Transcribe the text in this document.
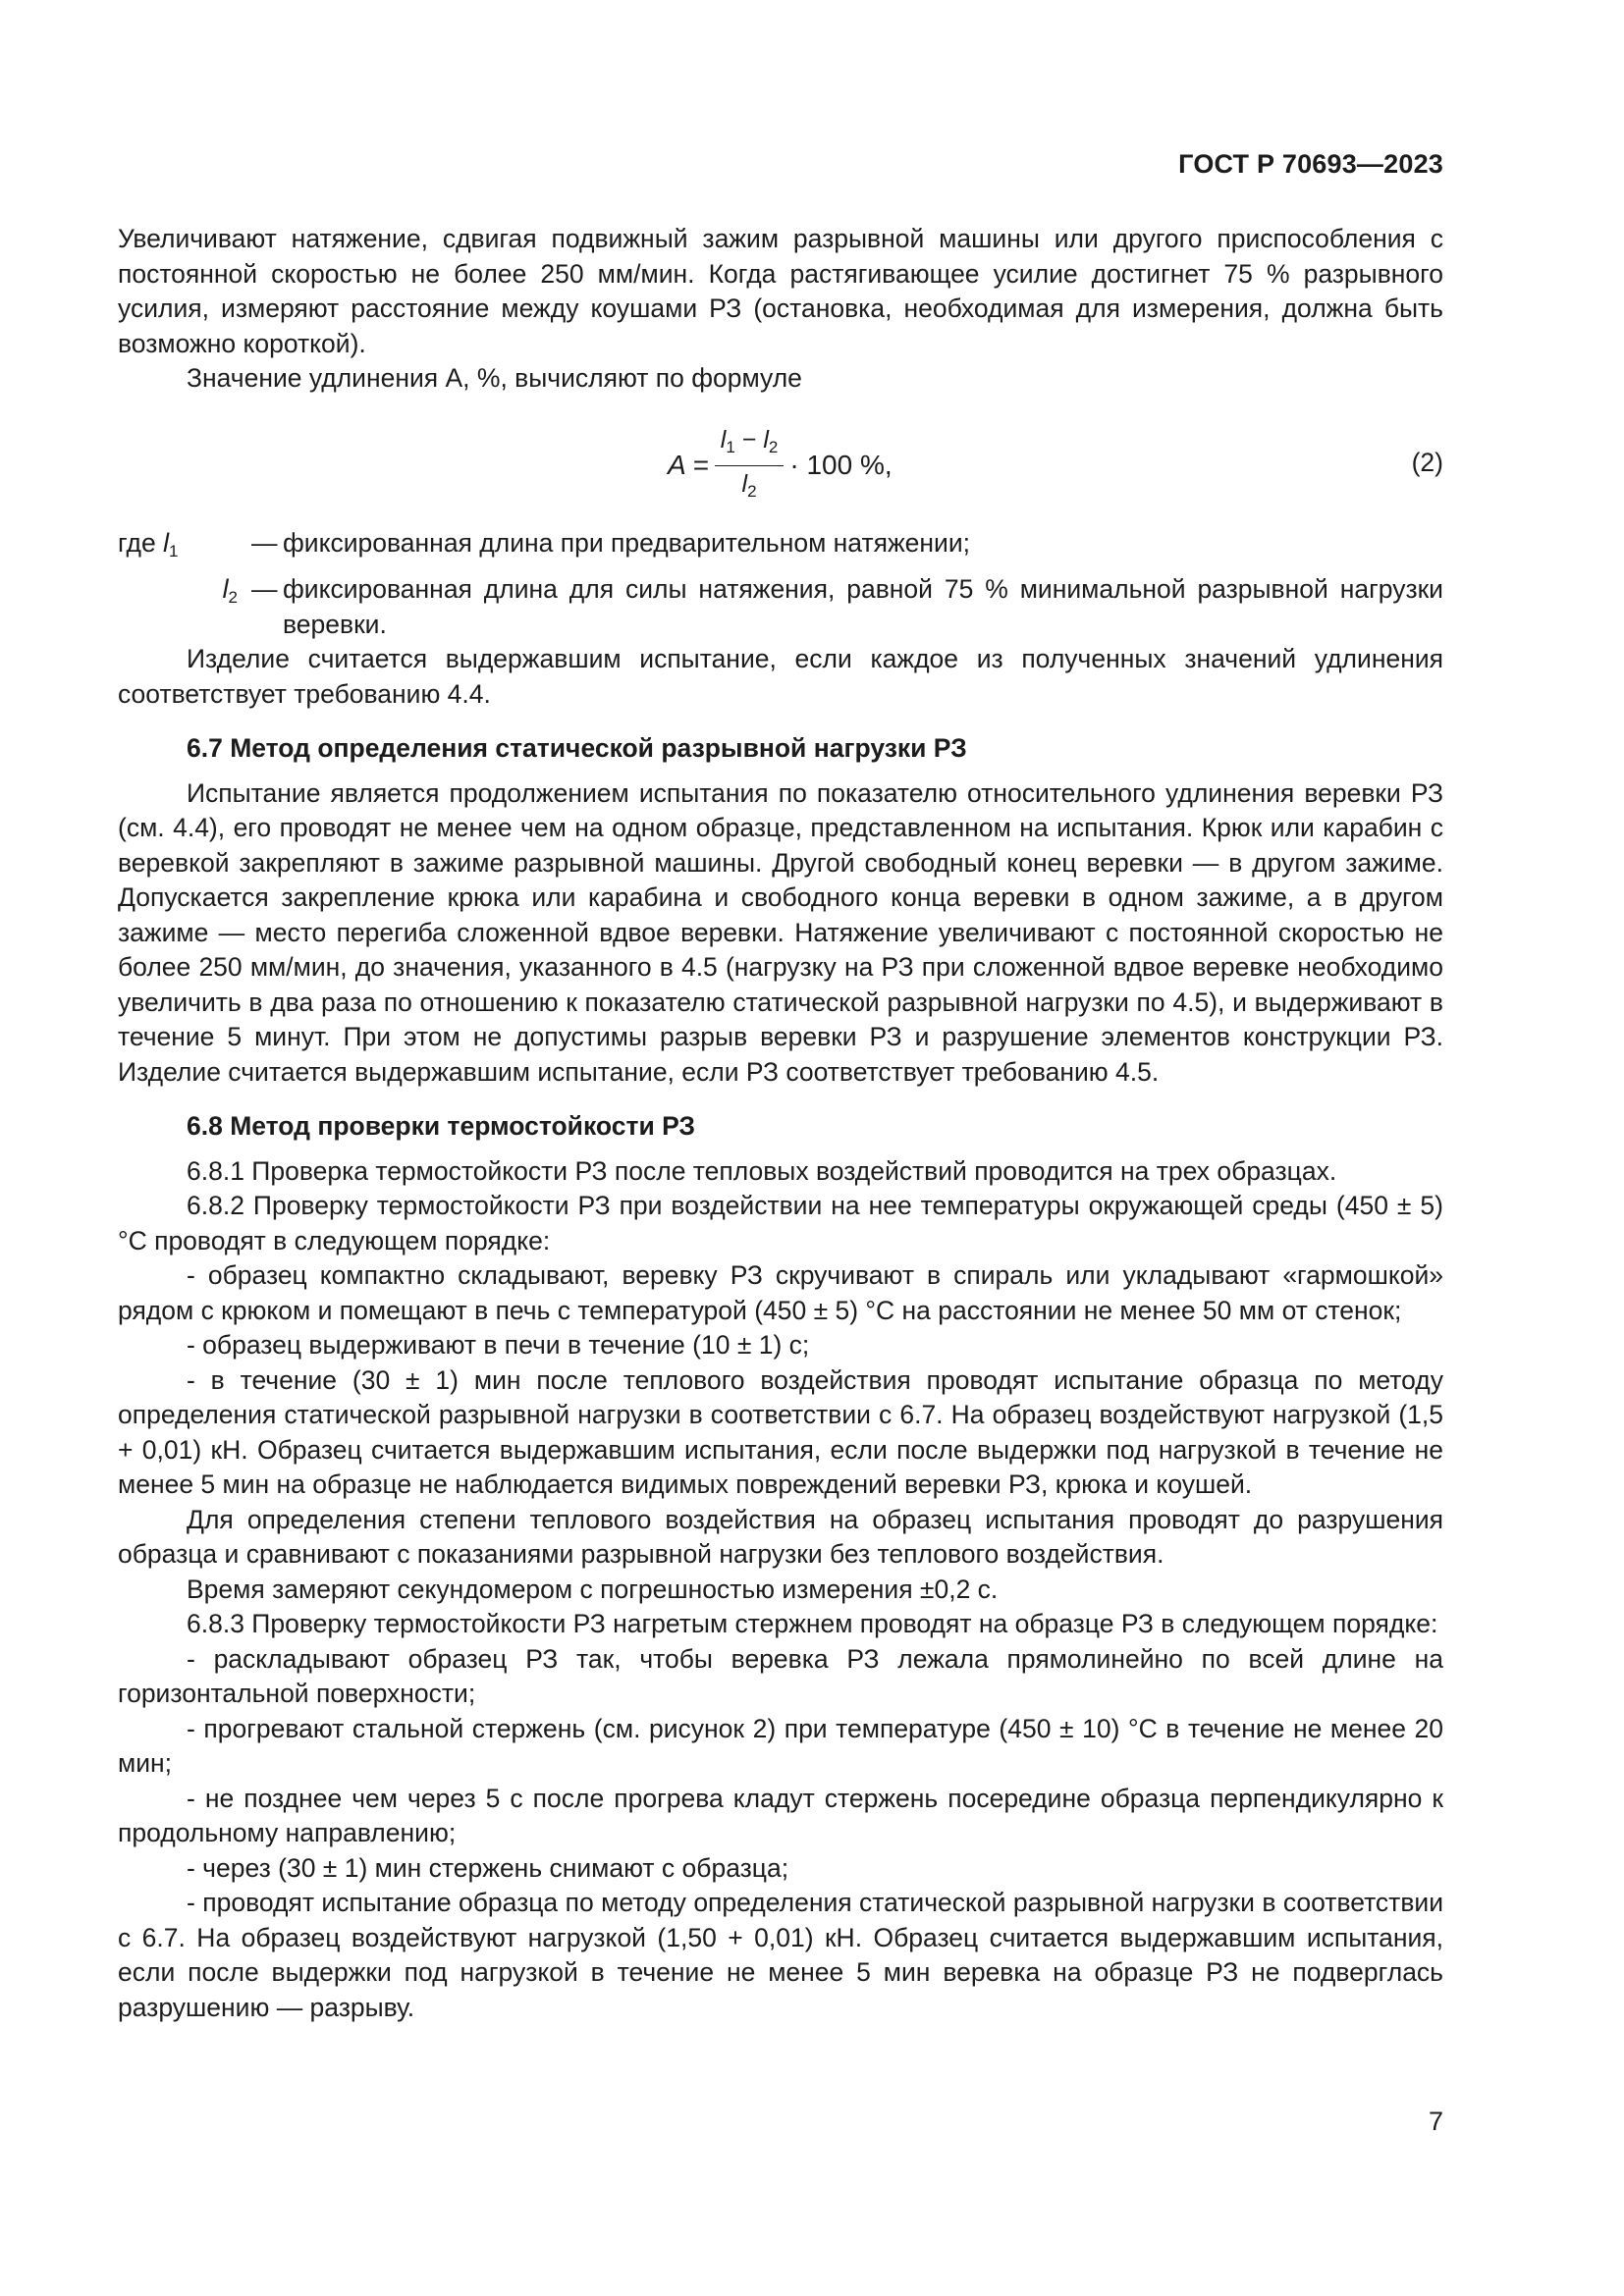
ГОСТ Р 70693—2023

Увеличивают натяжение, сдвигая подвижный зажим разрывной машины или другого приспособления с постоянной скоростью не более 250 мм/мин. Когда растягивающее усилие достигнет 75 % разрывного усилия, измеряют расстояние между коушами РЗ (остановка, необходимая для измерения, должна быть возможно короткой).

Значение удлинения А, %, вычисляют по формуле

$A = \frac{l_1 - l_2}{l_2} \cdot 100$ %,	(2)
где $l_1$	— фиксированная длина при предварительном натяжении;
$l_2$ — фиксированная длина для силы натяжения, равной 75 % минимальной разрывной нагрузки веревки.

Изделие считается выдержавшим испытание, если каждое из полученных значений удлинения соответствует требованию 4.4.

6.7 Метод определения статической разрывной нагрузки РЗ

Испытание является продолжением испытания по показателю относительного удлинения веревки РЗ (см. 4.4), его проводят не менее чем на одном образце, представленном на испытания. Крюк или карабин с веревкой закрепляют в зажиме разрывной машины. Другой свободный конец веревки — в другом зажиме. Допускается закрепление крюка или карабина и свободного конца веревки в одном зажиме, а в другом зажиме — место перегиба сложенной вдвое веревки. Натяжение увеличивают с постоянной скоростью не более 250 мм/мин, до значения, указанного в 4.5 (нагрузку на РЗ при сложенной вдвое веревке необходимо увеличить в два раза по отношению к показателю статической разрывной нагрузки по 4.5), и выдерживают в течение 5 минут. При этом не допустимы разрыв веревки РЗ и разрушение элементов конструкции РЗ. Изделие считается выдержавшим испытание, если РЗ соответствует требованию 4.5.

6.8 Метод проверки термостойкости РЗ

6.8.1 Проверка термостойкости РЗ после тепловых воздействий проводится на трех образцах.

6.8.2 Проверку термостойкости РЗ при воздействии на нее температуры окружающей среды (450 ± 5) °С проводят в следующем порядке:

- образец компактно складывают, веревку РЗ скручивают в спираль или укладывают «гармошкой» рядом с крюком и помещают в печь с температурой (450 ± 5) °С на расстоянии не менее 50 мм от стенок;

- образец выдерживают в печи в течение (10 ± 1) с;

- в течение (30 ± 1) мин после теплового воздействия проводят испытание образца по методу определения статической разрывной нагрузки в соответствии с 6.7. На образец воздействуют нагрузкой (1,5 + 0,01) кН. Образец считается выдержавшим испытания, если после выдержки под нагрузкой в течение не менее 5 мин на образце не наблюдается видимых повреждений веревки РЗ, крюка и коушей.

Для определения степени теплового воздействия на образец испытания проводят до разрушения образца и сравнивают с показаниями разрывной нагрузки без теплового воздействия.

Время замеряют секундомером с погрешностью измерения ±0,2 с.

6.8.3 Проверку термостойкости РЗ нагретым стержнем проводят на образце РЗ в следующем порядке:

- раскладывают образец РЗ так, чтобы веревка РЗ лежала прямолинейно по всей длине на горизонтальной поверхности;

- прогревают стальной стержень (см. рисунок 2) при температуре (450 ± 10) °С в течение не менее 20 мин;

- не позднее чем через 5 с после прогрева кладут стержень посередине образца перпендикулярно к продольному направлению;

- через (30 ± 1) мин стержень снимают с образца;

- проводят испытание образца по методу определения статической разрывной нагрузки в соответствии с 6.7. На образец воздействуют нагрузкой (1,50 + 0,01) кН. Образец считается выдержавшим испытания, если после выдержки под нагрузкой в течение не менее 5 мин веревка на образце РЗ не подверглась разрушению — разрыву.

7
